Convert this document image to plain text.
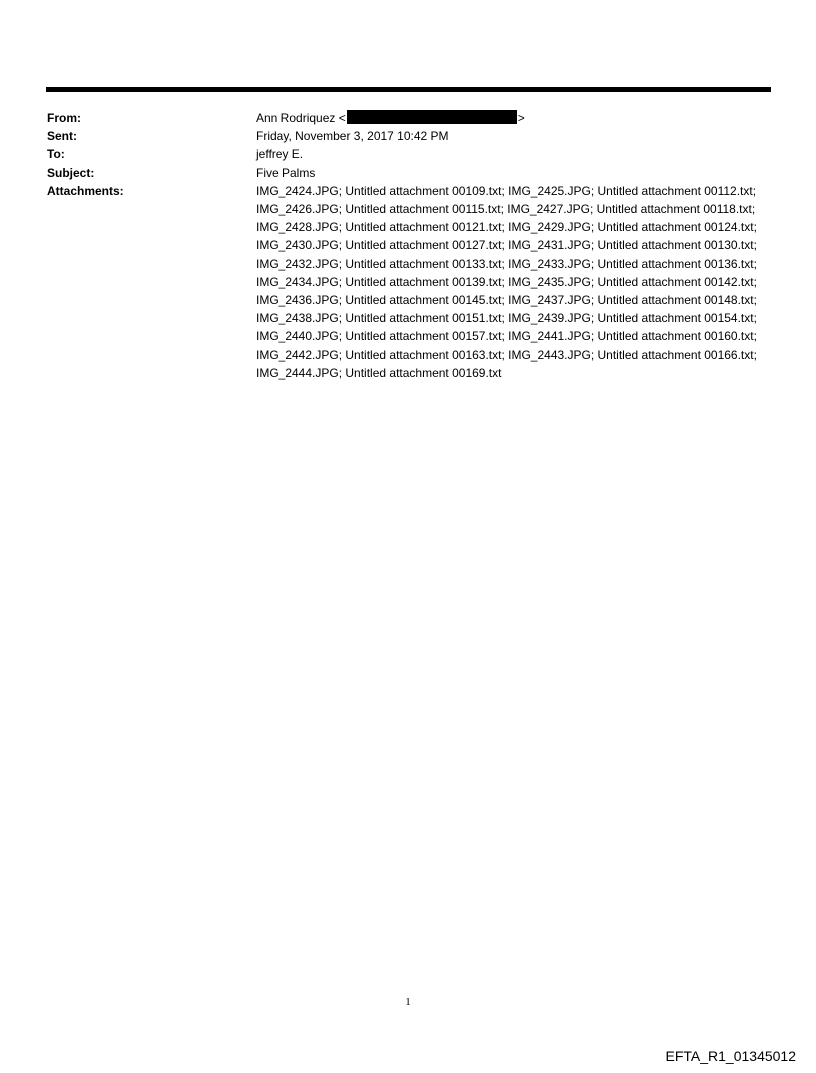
From:	Ann Rodriquez <	>
Sent:	Friday, November 3, 2017 10:42 PM
To:	jeffrey E.
Subject:	Five Palms
Attachments:	IMG_2424.JPG; Untitled attachment 00109.txt; IMG_2425.JPG; Untitled attachment 00112.txt; IMG_2426.JPG; Untitled attachment 00115.txt; IMG_2427.JPG; Untitled attachment 00118.txt; IMG_2428.JPG; Untitled attachment 00121.txt; IMG_2429.JPG; Untitled attachment 00124.txt; IMG_2430.JPG; Untitled attachment 00127.txt; IMG_2431.JPG; Untitled attachment 00130.txt; IMG_2432.JPG; Untitled attachment 00133.txt; IMG_2433.JPG; Untitled attachment 00136.txt; IMG_2434.JPG; Untitled attachment 00139.txt; IMG_2435.JPG; Untitled attachment 00142.txt; IMG_2436.JPG; Untitled attachment 00145.txt; IMG_2437.JPG; Untitled attachment 00148.txt; IMG_2438.JPG; Untitled attachment 00151.txt; IMG_2439.JPG; Untitled attachment 00154.txt; IMG_2440.JPG; Untitled attachment 00157.txt; IMG_2441.JPG; Untitled attachment 00160.txt; IMG_2442.JPG; Untitled attachment 00163.txt; IMG_2443.JPG; Untitled attachment 00166.txt; IMG_2444.JPG; Untitled attachment 00169.txt
1
EFTA_R1_01345012
